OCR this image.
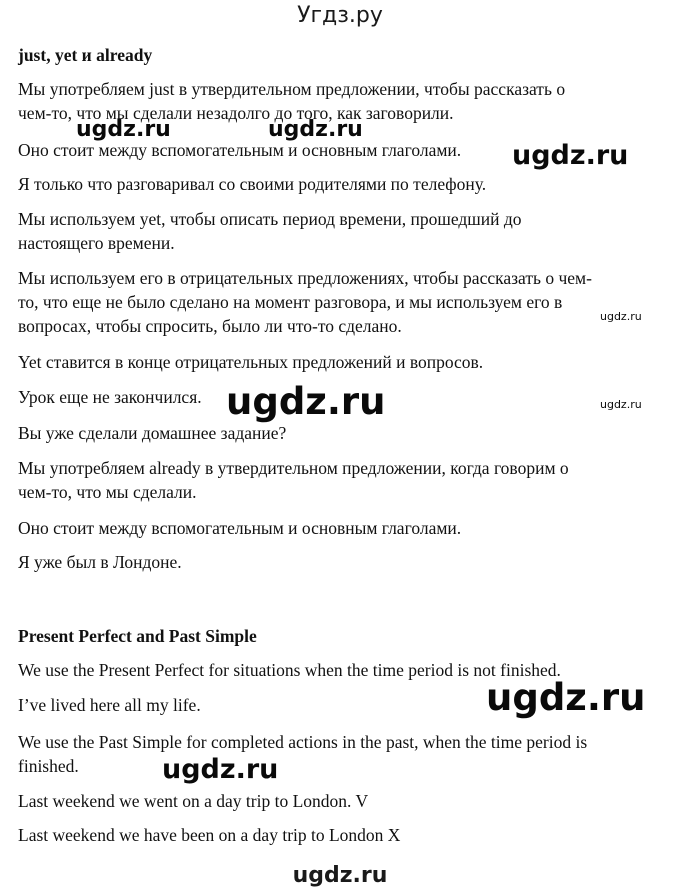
Угдз.ру
just, yet и already
Мы употребляем just в утвердительном предложении, чтобы рассказать о
чем-то, что мы сделали незадолго до того, как заговорили.
Оно стоит между вспомогательным и основным глаголами.
Я только что разговаривал со своими родителями по телефону.
Мы используем yet, чтобы описать период времени, прошедший до
настоящего времени.
Мы используем его в отрицательных предложениях, чтобы рассказать о чем-
то, что еще не было сделано на момент разговора, и мы используем его в
вопросах, чтобы спросить, было ли что-то сделано.
Yet ставится в конце отрицательных предложений и вопросов.
Урок еще не закончился.
Вы уже сделали домашнее задание?
Мы употребляем already в утвердительном предложении, когда говорим о
чем-то, что мы сделали.
Оно стоит между вспомогательным и основным глаголами.
Я уже был в Лондоне.
Present Perfect and Past Simple
We use the Present Perfect for situations when the time period is not finished.
I’ve lived here all my life.
We use the Past Simple for completed actions in the past, when the time period is
finished.
Last weekend we went on a day trip to London. V
Last weekend we have been on a day trip to London X
ugdz.ru	ugdz.ru
ugdz.ru
ugdz.ru
ugdz.ru	ugdz.ru
ugdz.ru
ugdz.ru
ugdz.ru
